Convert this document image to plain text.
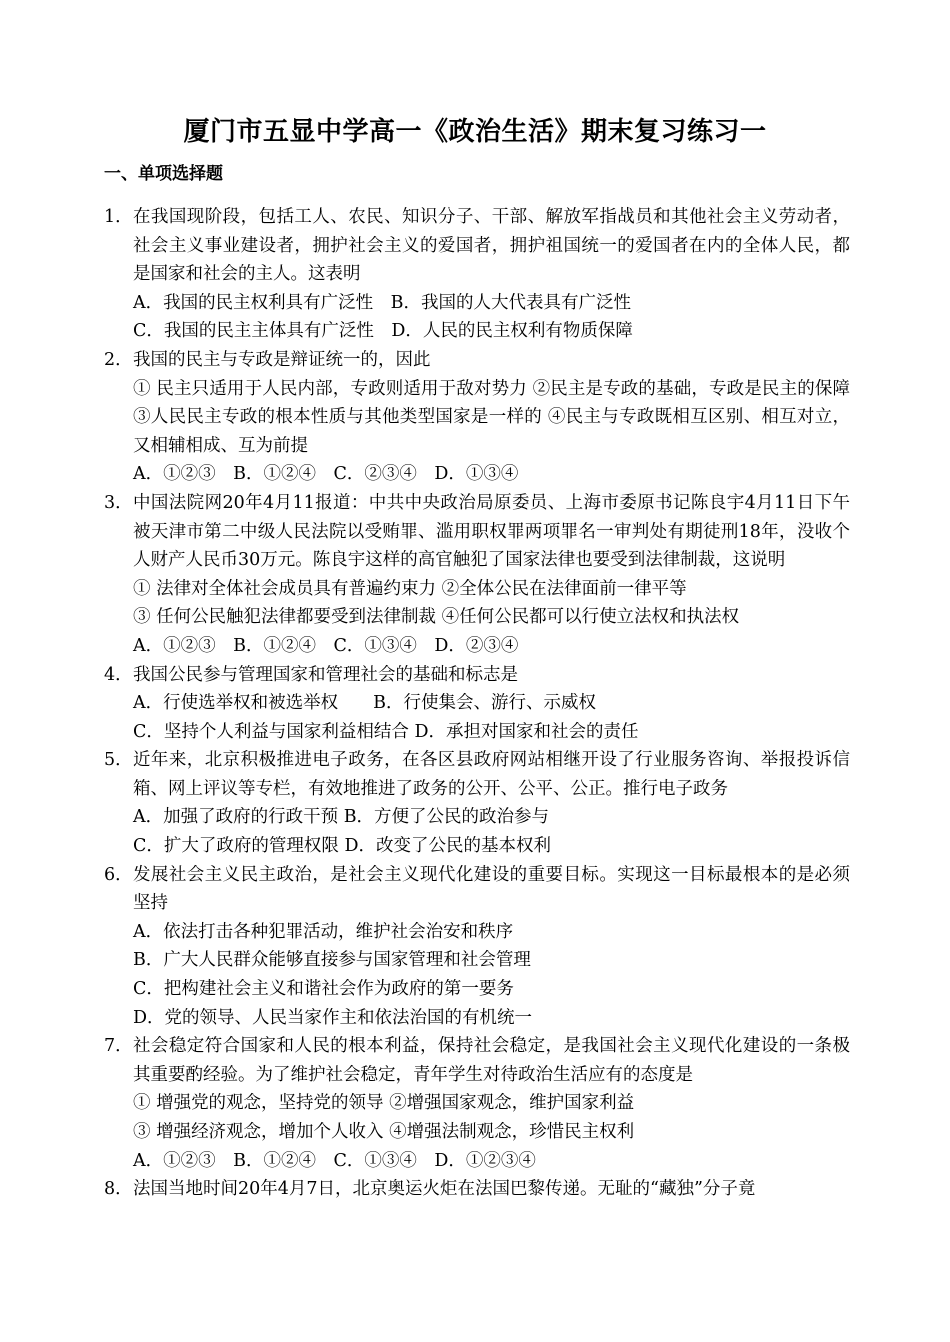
厦门市五显中学高一《政治生活》期末复习练习一
一、单项选择题
1． 在我国现阶段，包括工人、农民、知识分子、干部、解放军指战员和其他社会主义劳动者，社会主义事业建设者，拥护社会主义的爱国者，拥护祖国统一的爱国者在内的全体人民，都是国家和社会的主人。这表明
A．我国的民主权利具有广泛性　B．我国的人大代表具有广泛性
C．我国的民主主体具有广泛性　D．人民的民主权利有物质保障
2． 我国的民主与专政是辩证统一的，因此
① 民主只适用于人民内部，专政则适用于敌对势力 ②民主是专政的基础，专政是民主的保障 ③人民民主专政的根本性质与其他类型国家是一样的 ④民主与专政既相互区别、相互对立，又相辅相成、互为前提
A．①②③　B．①②④　C．②③④　D．①③④
3． 中国法院网20年4月11报道：中共中央政治局原委员、上海市委原书记陈良宇4月11日下午被天津市第二中级人民法院以受贿罪、滥用职权罪两项罪名一审判处有期徒刑18年，没收个人财产人民币30万元。陈良宇这样的高官触犯了国家法律也要受到法律制裁，这说明
① 法律对全体社会成员具有普遍约束力 ②全体公民在法律面前一律平等
③ 任何公民触犯法律都要受到法律制裁 ④任何公民都可以行使立法权和执法权
A．①②③　B．①②④　C．①③④　D．②③④
4． 我国公民参与管理国家和管理社会的基础和标志是
A．行使选举权和被选举权　　B．行使集会、游行、示威权
C．坚持个人利益与国家利益相结合 D．承担对国家和社会的责任
5． 近年来，北京积极推进电子政务，在各区县政府网站相继开设了行业服务咨询、举报投诉信箱、网上评议等专栏，有效地推进了政务的公开、公平、公正。推行电子政务
A．加强了政府的行政干预 B．方便了公民的政治参与
C．扩大了政府的管理权限 D．改变了公民的基本权利
6． 发展社会主义民主政治，是社会主义现代化建设的重要目标。实现这一目标最根本的是必须坚持
A．依法打击各种犯罪活动，维护社会治安和秩序
B．广大人民群众能够直接参与国家管理和社会管理
C．把构建社会主义和谐社会作为政府的第一要务
D．党的领导、人民当家作主和依法治国的有机统一
7． 社会稳定符合国家和人民的根本利益，保持社会稳定，是我国社会主义现代化建设的一条极其重要酌经验。为了维护社会稳定，青年学生对待政治生活应有的态度是
① 增强党的观念，坚持党的领导 ②增强国家观念，维护国家利益
③ 增强经济观念，增加个人收入 ④增强法制观念，珍惜民主权利
A．①②③　B．①②④　C．①③④　D．①②③④
8． 法国当地时间20年4月7日，北京奥运火炬在法国巴黎传递。无耻的“藏独”分子竟
